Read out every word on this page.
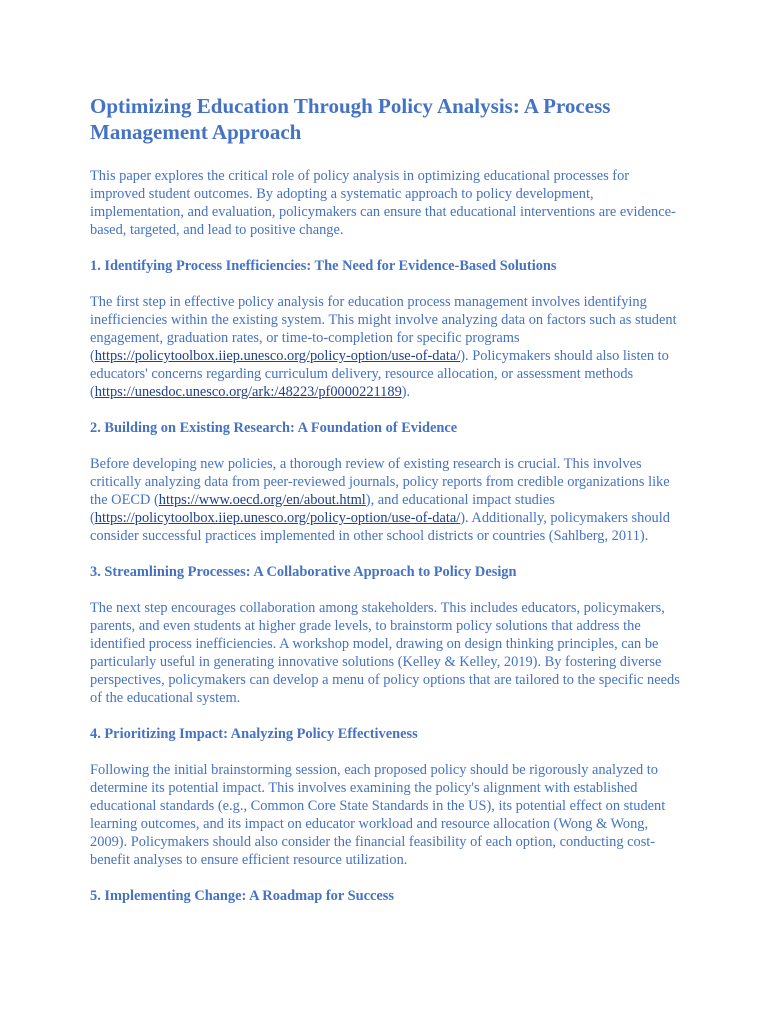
Optimizing Education Through Policy Analysis: A Process Management Approach

This paper explores the critical role of policy analysis in optimizing educational processes for improved student outcomes. By adopting a systematic approach to policy development, implementation, and evaluation, policymakers can ensure that educational interventions are evidence-based, targeted, and lead to positive change.

1. Identifying Process Inefficiencies: The Need for Evidence-Based Solutions

The first step in effective policy analysis for education process management involves identifying inefficiencies within the existing system. This might involve analyzing data on factors such as student engagement, graduation rates, or time-to-completion for specific programs (https://policytoolbox.iiep.unesco.org/policy-option/use-of-data/). Policymakers should also listen to educators' concerns regarding curriculum delivery, resource allocation, or assessment methods (https://unesdoc.unesco.org/ark:/48223/pf0000221189).

2. Building on Existing Research: A Foundation of Evidence

Before developing new policies, a thorough review of existing research is crucial. This involves critically analyzing data from peer-reviewed journals, policy reports from credible organizations like the OECD (https://www.oecd.org/en/about.html), and educational impact studies (https://policytoolbox.iiep.unesco.org/policy-option/use-of-data/). Additionally, policymakers should consider successful practices implemented in other school districts or countries (Sahlberg, 2011).

3. Streamlining Processes: A Collaborative Approach to Policy Design

The next step encourages collaboration among stakeholders. This includes educators, policymakers, parents, and even students at higher grade levels, to brainstorm policy solutions that address the identified process inefficiencies. A workshop model, drawing on design thinking principles, can be particularly useful in generating innovative solutions (Kelley & Kelley, 2019). By fostering diverse perspectives, policymakers can develop a menu of policy options that are tailored to the specific needs of the educational system.

4. Prioritizing Impact: Analyzing Policy Effectiveness

Following the initial brainstorming session, each proposed policy should be rigorously analyzed to determine its potential impact. This involves examining the policy's alignment with established educational standards (e.g., Common Core State Standards in the US), its potential effect on student learning outcomes, and its impact on educator workload and resource allocation (Wong & Wong, 2009). Policymakers should also consider the financial feasibility of each option, conducting cost-benefit analyses to ensure efficient resource utilization.

5. Implementing Change: A Roadmap for Success
